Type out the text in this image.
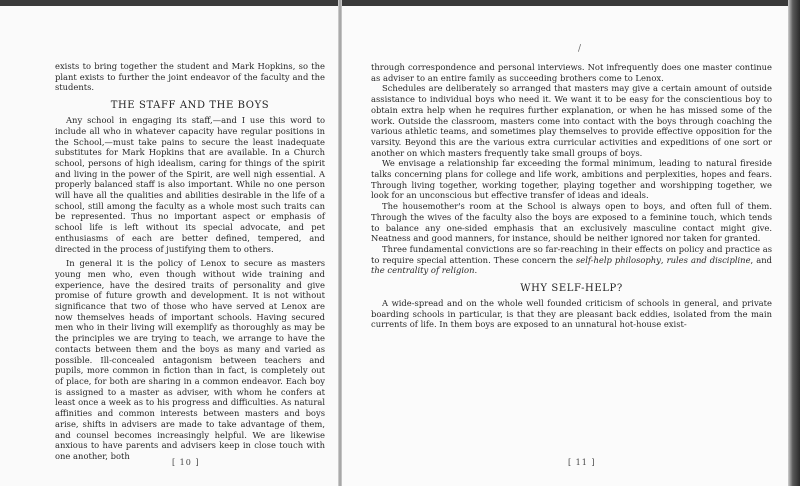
exists to bring together the student and Mark Hopkins, so the plant exists to further the joint endeavor of the faculty and the students.

THE STAFF AND THE BOYS

Any school in engaging its staff,—and I use this word to include all who in whatever capacity have regular positions in the School,—must take pains to secure the least inadequate substitutes for Mark Hopkins that are available. In a Church school, persons of high idealism, caring for things of the spirit and living in the power of the Spirit, are well nigh essential. A properly balanced staff is also important. While no one person will have all the qualities and abilities desirable in the life of a school, still among the faculty as a whole most such traits can be represented. Thus no important aspect or emphasis of school life is left without its special advocate, and pet enthusiasms of each are better defined, tempered, and directed in the process of justifying them to others.

In general it is the policy of Lenox to secure as masters young men who, even though without wide training and experience, have the desired traits of personality and give promise of future growth and development. It is not without significance that two of those who have served at Lenox are now themselves heads of important schools. Having secured men who in their living will exemplify as thoroughly as may be the principles we are trying to teach, we arrange to have the contacts between them and the boys as many and varied as possible. Ill-concealed antagonism between teachers and pupils, more common in fiction than in fact, is completely out of place, for both are sharing in a common endeavor. Each boy is assigned to a master as adviser, with whom he confers at least once a week as to his progress and difficulties. As natural affinities and common interests between masters and boys arise, shifts in advisers are made to take advantage of them, and counsel becomes increasingly helpful. We are likewise anxious to have parents and advisers keep in close touch with one another, both

[ 10 ]
/

through correspondence and personal interviews. Not infrequently does one master continue as adviser to an entire family as succeeding brothers come to Lenox.

Schedules are deliberately so arranged that masters may give a certain amount of outside assistance to individual boys who need it. We want it to be easy for the conscientious boy to obtain extra help when he requires further explanation, or when he has missed some of the work. Outside the classroom, masters come into contact with the boys through coaching the various athletic teams, and sometimes play themselves to provide effective opposition for the varsity. Beyond this are the various extra curricular activities and expeditions of one sort or another on which masters frequently take small groups of boys.

We envisage a relationship far exceeding the formal minimum, leading to natural fireside talks concerning plans for college and life work, ambitions and perplexities, hopes and fears. Through living together, working together, playing together and worshipping together, we look for an unconscious but effective transfer of ideas and ideals.

The housemother's room at the School is always open to boys, and often full of them. Through the wives of the faculty also the boys are exposed to a feminine touch, which tends to balance any one-sided emphasis that an exclusively masculine contact might give. Neatness and good manners, for instance, should be neither ignored nor taken for granted.

Three fundamental convictions are so far-reaching in their effects on policy and practice as to require special attention. These concern the self-help philosophy, rules and discipline, and the centrality of religion.

WHY SELF-HELP?

A wide-spread and on the whole well founded criticism of schools in general, and private boarding schools in particular, is that they are pleasant back eddies, isolated from the main currents of life. In them boys are exposed to an unnatural hot-house exist-

[ 11 ]
